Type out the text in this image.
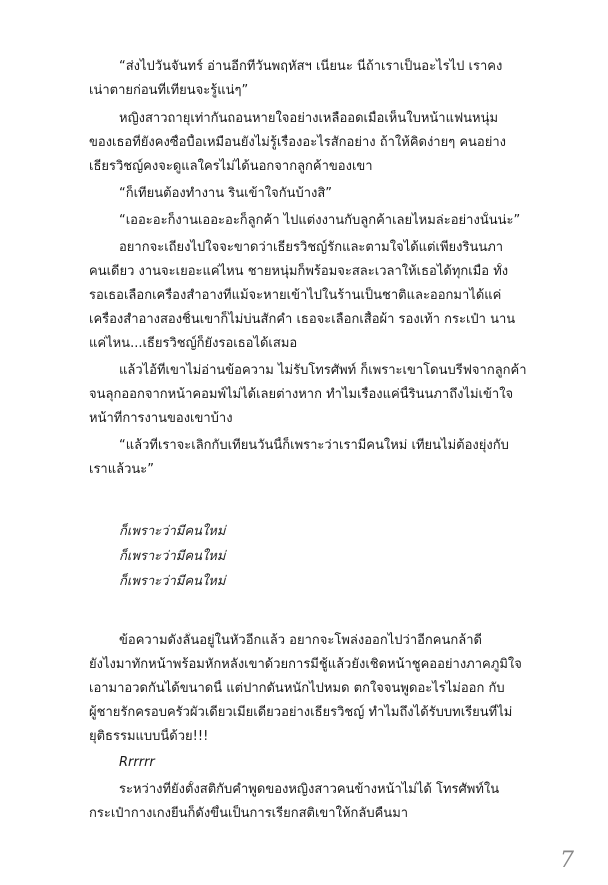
“ส่งไปวันจันทร์ อ่านอีกทีวันพฤหัสฯ เนี่ยนะ นี่ถ้าเราเป็นอะไรไป เราคง
เน่าตายก่อนที่เทียนจะรู้แน่ๆ”
หญิงสาวถายุเท่ากันถอนหายใจอย่างเหลืออดเมื่อเห็นใบหน้าแฟนหนุ่ม
ของเธอที่ยังคงซื่อบื้อเหมือนยังไม่รู้เรื่องอะไรสักอย่าง ถ้าให้คิดง่ายๆ คนอย่าง
เธียรวิชญ์คงจะดูแลใครไม่ได้นอกจากลูกค้าของเขา
“ก็เทียนต้องทำงาน รินเข้าใจกันบ้างสิ”
“เออะอะก็งานเออะอะก็ลูกค้า ไปแต่งงานกับลูกค้าเลยไหมล่ะอย่างนั้นน่ะ”
อยากจะเถียงไปใจจะขาดว่าเธียรวิชญ์รักและตามใจได้แต่เพียงรินนภา
คนเดียว งานจะเยอะแค่ไหน ชายหนุ่มก็พร้อมจะสละเวลาให้เธอได้ทุกเมื่อ ทั้ง
รอเธอเลือกเครื่องสำอางที่แม้จะหายเข้าไปในร้านเป็นชาติและออกมาได้แค่
เครื่องสำอางสองชิ้นเขาก็ไม่บ่นสักคำ เธอจะเลือกเสื้อผ้า รองเท้า กระเป๋า นาน
แค่ไหน...เธียรวิชญ์ก็ยังรอเธอได้เสมอ
แล้วไอ้ที่เขาไม่อ่านข้อความ ไม่รับโทรศัพท์ ก็เพราะเขาโดนบรีฟจากลูกค้า
จนลุกออกจากหน้าคอมพ์ไม่ได้เลยต่างหาก ทำไมเรื่องแค่นี้รินนภาถึงไม่เข้าใจ
หน้าที่การงานของเขาบ้าง
“แล้วที่เราจะเลิกกับเทียนวันนี้ก็เพราะว่าเรามีคนใหม่ เทียนไม่ต้องยุ่งกับ
เราแล้วนะ”
ก็เพราะว่ามีคนใหม่
ก็เพราะว่ามีคนใหม่
ก็เพราะว่ามีคนใหม่
ข้อความดังลั่นอยู่ในหัวอีกแล้ว อยากจะโพล่งออกไปว่าอีกคนกล้าดี
ยังไงมาทักหน้าพร้อมหักหลังเขาด้วยการมีชู้แล้วยังเชิดหน้าชูคออย่างภาคภูมิใจ
เอามาอวดกันได้ขนาดนี้ แต่ปากดันหนักไปหมด ตกใจจนพูดอะไรไม่ออก กับ
ผู้ชายรักครอบครัวผัวเดียวเมียเดียวอย่างเธียรวิชญ์ ทำไมถึงได้รับบทเรียนที่ไม่
ยุติธรรมแบบนี้ด้วย!!!
Rrrrrr
ระหว่างที่ยังตั้งสติกับคำพูดของหญิงสาวคนข้างหน้าไม่ได้ โทรศัพท์ใน
กระเป๋ากางเกงยีนก็ดังขึ้นเป็นการเรียกสติเขาให้กลับคืนมา
7
